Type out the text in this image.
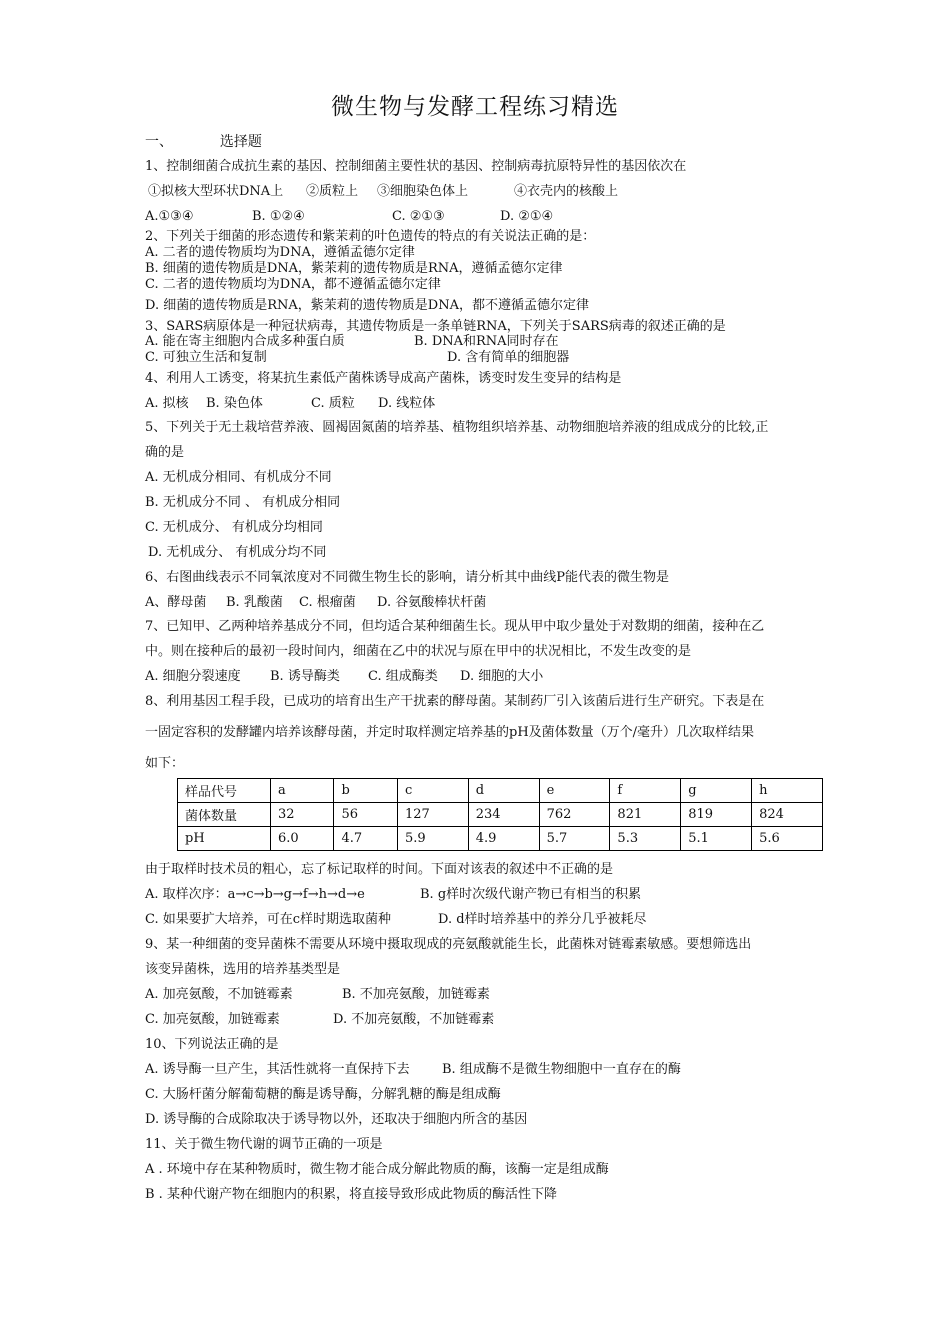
微生物与发酵工程练习精选
一、	选择题
1、控制细菌合成抗生素的基因、控制细菌主要性状的基因、控制病毒抗原特异性的基因依次在
①拟核大型环状DNA上 ②质粒上 ③细胞染色体上	④衣壳内的核酸上
A.①③④	B. ①②④	C. ②①③	D. ②①④
2、下列关于细菌的形态遗传和紫茉莉的叶色遗传的特点的有关说法正确的是：
A. 二者的遗传物质均为DNA，遵循孟德尔定律
B. 细菌的遗传物质是DNA，紫茉莉的遗传物质是RNA，遵循孟德尔定律
C. 二者的遗传物质均为DNA，都不遵循孟德尔定律
D. 细菌的遗传物质是RNA，紫茉莉的遗传物质是DNA，都不遵循孟德尔定律
3、SARS病原体是一种冠状病毒，其遗传物质是一条单链RNA，下列关于SARS病毒的叙述正确的是
A. 能在寄主细胞内合成多种蛋白质	B. DNA和RNA同时存在
C. 可独立生活和复制	D. 含有简单的细胞器
4、利用人工诱变，将某抗生素低产菌株诱导成高产菌株，诱变时发生变异的结构是
A. 拟核 B. 染色体	C. 质粒 D. 线粒体
5、下列关于无土栽培营养液、圆褐固氮菌的培养基、植物组织培养基、动物细胞培养液的组成成分的比较,正
确的是
A. 无机成分相同、有机成分不同
B. 无机成分不同 、 有机成分相同
C. 无机成分、 有机成分均相同
D. 无机成分、 有机成分均不同
6、右图曲线表示不同氧浓度对不同微生物生长的影响，请分析其中曲线P能代表的微生物是
A、酵母菌 B. 乳酸菌 C. 根瘤菌 D. 谷氨酸棒状杆菌
7、已知甲、乙两种培养基成分不同，但均适合某种细菌生长。现从甲中取少量处于对数期的细菌，接种在乙
中。则在接种后的最初一段时间内，细菌在乙中的状况与原在甲中的状况相比，不发生改变的是
A. 细胞分裂速度 B. 诱导酶类 C. 组成酶类 D. 细胞的大小
8、利用基因工程手段，已成功的培育出生产干扰素的酵母菌。某制药厂引入该菌后进行生产研究。下表是在
一固定容积的发酵罐内培养该酵母菌，并定时取样测定培养基的pH及菌体数量（万个/毫升）几次取样结果
如下：
样品代号	a	b	c	d	e	f	g	h
菌体数量	32	56	127	234	762	821	819	824
pH	6.0	4.7	5.9	4.9	5.7	5.3	5.1	5.6
由于取样时技术员的粗心，忘了标记取样的时间。下面对该表的叙述中不正确的是
A. 取样次序：a→c→b→g→f→h→d→e	B. g样时次级代谢产物已有相当的积累
C. 如果要扩大培养，可在c样时期选取菌种	D. d样时培养基中的养分几乎被耗尽
9、某一种细菌的变异菌株不需要从环境中摄取现成的亮氨酸就能生长，此菌株对链霉素敏感。要想筛选出
该变异菌株，选用的培养基类型是
A. 加亮氨酸，不加链霉素	B. 不加亮氨酸，加链霉素
C. 加亮氨酸，加链霉素	D. 不加亮氨酸，不加链霉素
10、下列说法正确的是
A. 诱导酶一旦产生，其活性就将一直保持下去 B. 组成酶不是微生物细胞中一直存在的酶
C. 大肠杆菌分解葡萄糖的酶是诱导酶，分解乳糖的酶是组成酶
D. 诱导酶的合成除取决于诱导物以外，还取决于细胞内所含的基因
11、关于微生物代谢的调节正确的一项是
A . 环境中存在某种物质时，微生物才能合成分解此物质的酶，该酶一定是组成酶
B . 某种代谢产物在细胞内的积累，将直接导致形成此物质的酶活性下降
